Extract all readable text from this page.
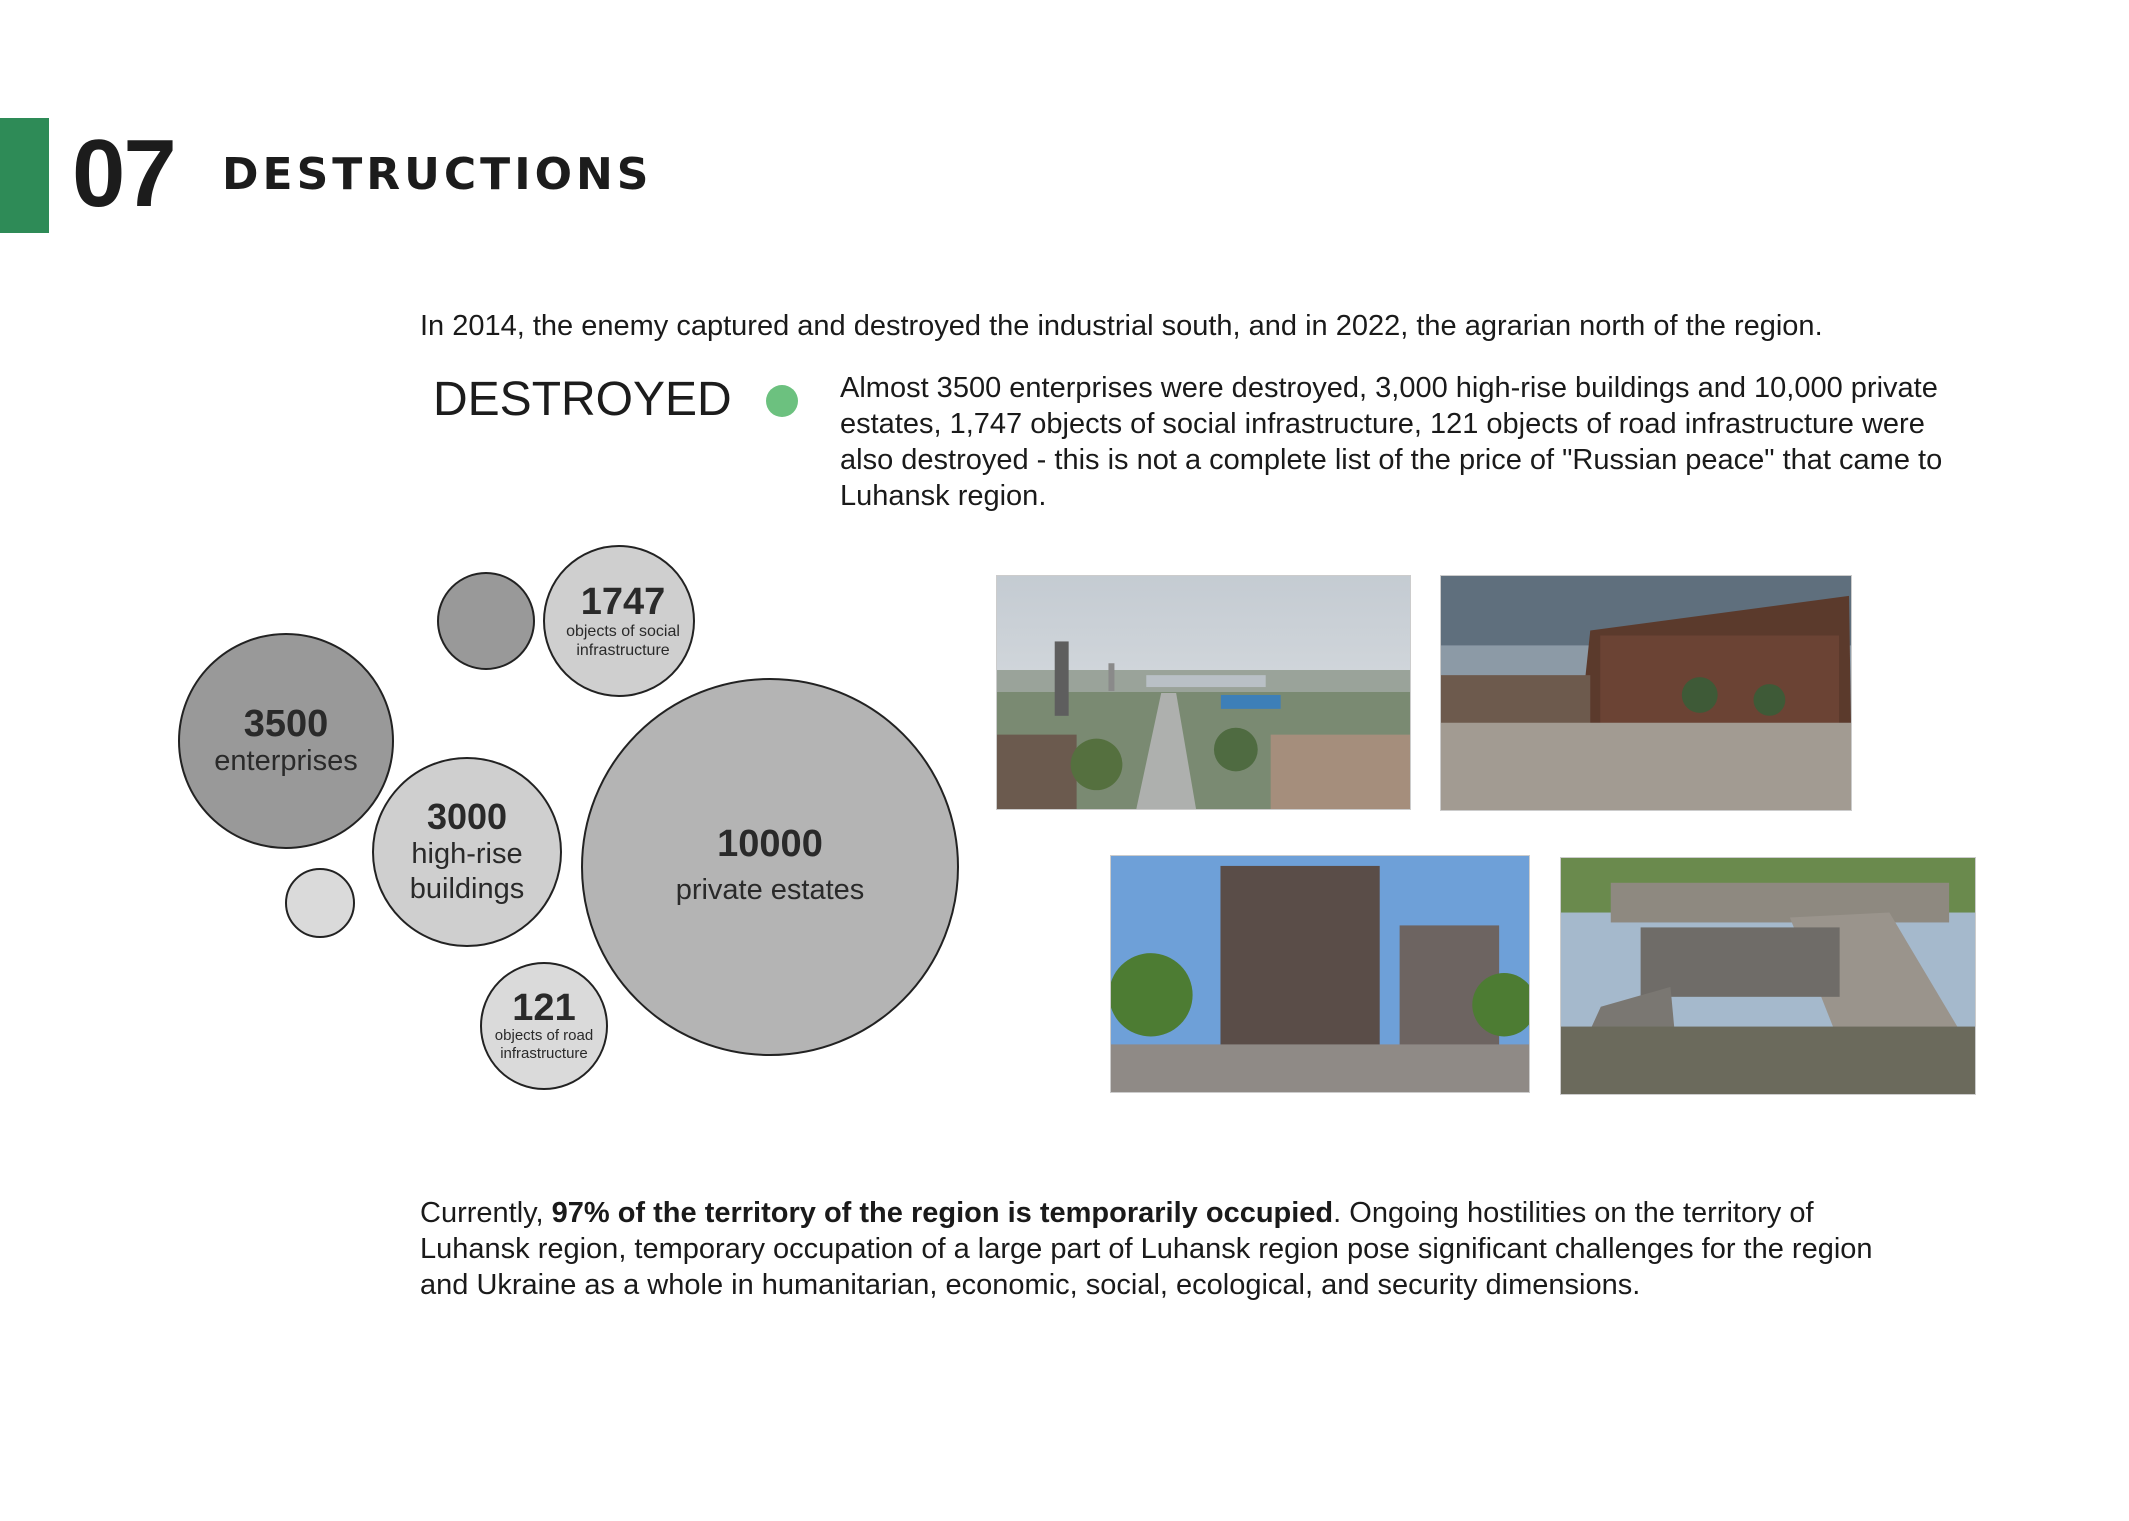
07 DESTRUCTIONS
In 2014, the enemy captured and destroyed the industrial south, and in 2022, the agrarian north of the region.
DESTROYED	Almost 3500 enterprises were destroyed, 3,000 high-rise buildings and 10,000 private estates, 1,747 objects of social infrastructure, 121 objects of road infrastructure were also destroyed - this is not a complete list of the price of "Russian peace" that came to Luhansk region.
1747
objects of social infrastructure
3500
enterprises
3000
high-rise buildings
10000
private estates
121
objects of road infrastructure
Currently, 97% of the territory of the region is temporarily occupied. Ongoing hostilities on the territory of Luhansk region, temporary occupation of a large part of Luhansk region pose significant challenges for the region and Ukraine as a whole in humanitarian, economic, social, ecological, and security dimensions.
